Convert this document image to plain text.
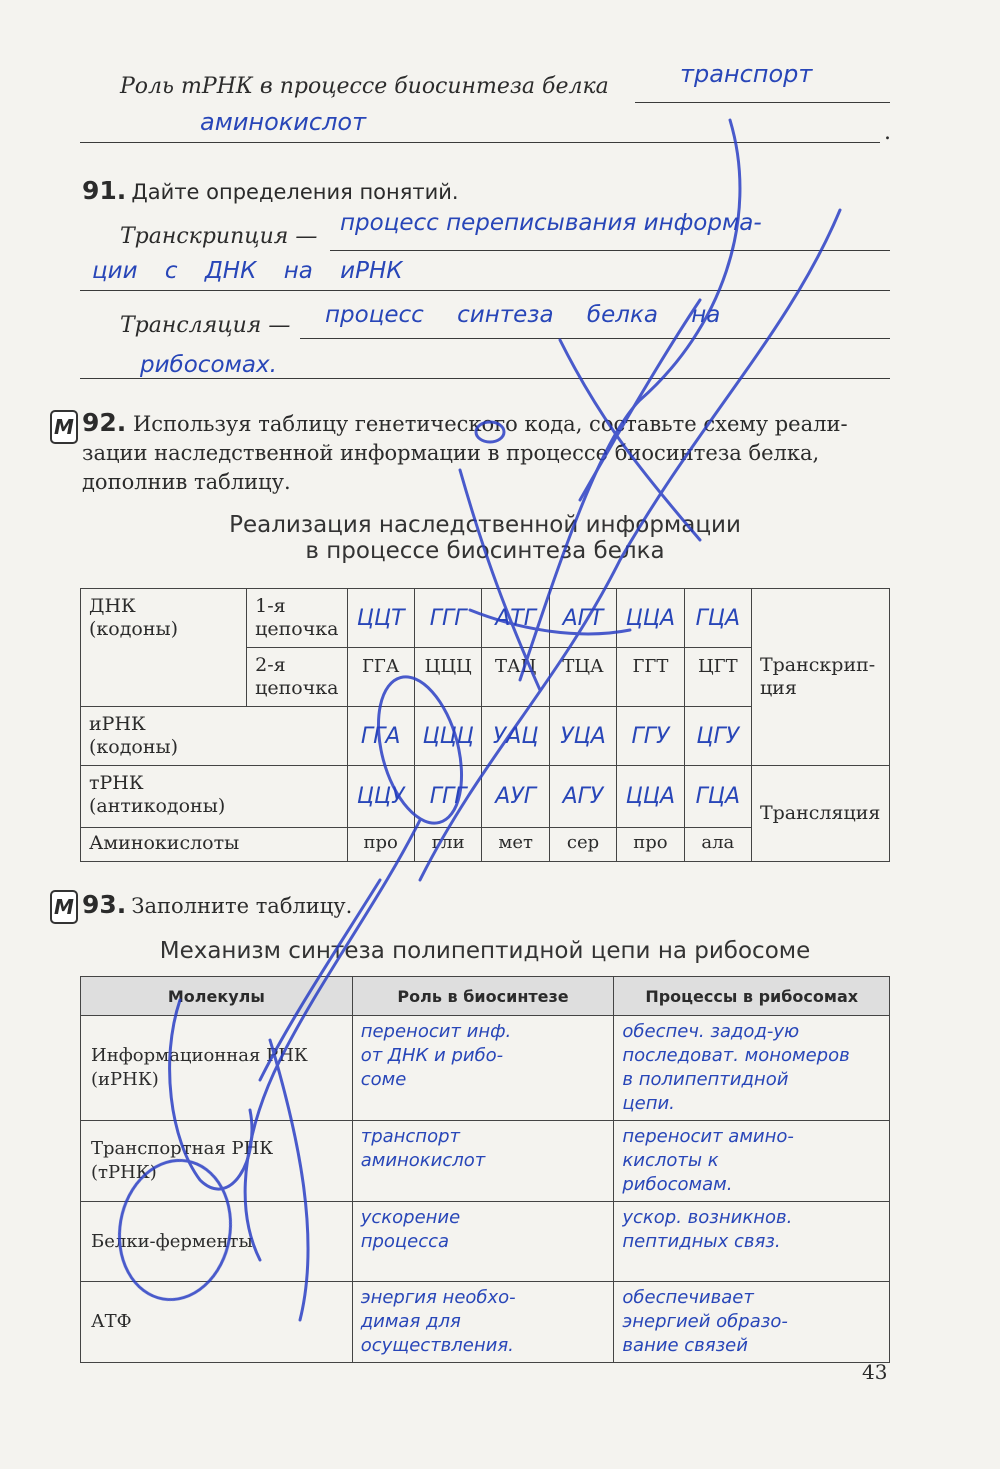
Роль тРНК в процессе биосинтеза белка	транспорт
аминокислот	.
91. Дайте определения понятий.
Транскрипция —
процесс переписывания информа-
ции с ДНК на иРНК
Трансляция — процесс синтеза белка на
рибосомах.
М 92. Используя таблицу генетического кода, составьте схему реали-
зации наследственной информации в процессе биосинтеза белка,
дополнив таблицу.
Реализация наследственной информации
в процессе биосинтеза белка
ДНК
(кодоны)	1-я
цепочка	ЦЦТ	ГГГ	АТГ	АГТ	ЦЦА	ГЦА	Транскрип-
ция

	2-я
цепочка	ГГА	ЦЦЦ	ТАЦ	ТЦА	ГГТ	ЦГТ	

иРНК
(кодоны)		ГГА	ЦЦЦ	УАЦ	УЦА	ГГУ	ЦГУ	

тРНК
(антикодоны)		ЦЦУ	ГГГ	АУГ	АГУ	ЦЦА	ГЦА	Трансляция

Аминокислоты		про	гли	мет	сер	про	ала	
М 93. Заполните таблицу.
Механизм синтеза полипептидной цепи на рибосоме
Молекулы	Роль в биосинтезе	Процессы в рибосомах
Информационная РНК
(иРНК)	переносит инф.
от ДНК и рибо-
соме	обеспеч. задод-ую
последоват. мономеров
в полипептидной
цепи.

Транспортная РНК
(тРНК)	транспорт
аминокислот	переносит амино-
кислоты к
рибосомам.

Белки-ферменты	ускорение
процесса	ускор. возникнов.
пептидных связ.

АТФ	энергия необхо-
димая для
осуществления.	обеспечивает
энергией образо-
вание связей
43
